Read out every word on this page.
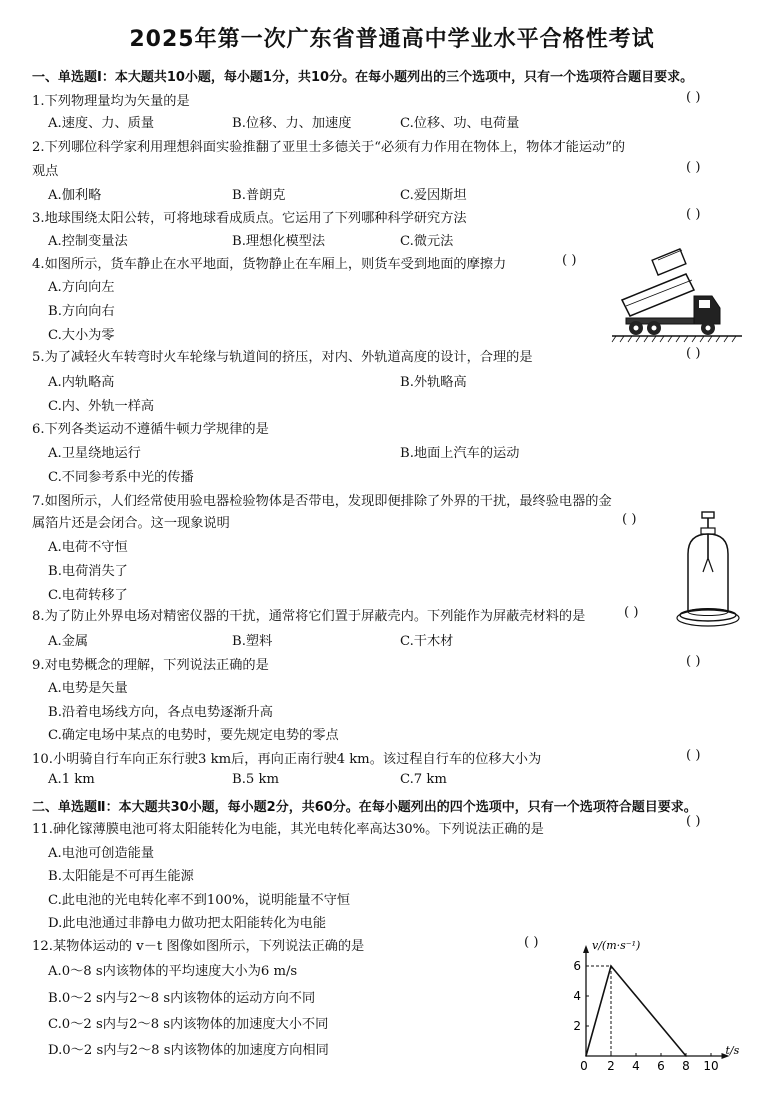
2025年第一次广东省普通高中学业水平合格性考试
一、单选题Ⅰ：本大题共10小题，每小题1分，共10分。在每小题列出的三个选项中，只有一个选项符合题目要求。
1.下列物理量均为矢量的是	( )
A.速度、力、质量	B.位移、力、加速度	C.位移、功、电荷量
2.下列哪位科学家利用理想斜面实验推翻了亚里士多德关于“必须有力作用在物体上，物体才能运动”的
观点	( )
A.伽利略	B.普朗克	C.爱因斯坦
3.地球围绕太阳公转，可将地球看成质点。它运用了下列哪种科学研究方法	( )
A.控制变量法	B.理想化模型法	C.微元法
4.如图所示，货车静止在水平地面，货物静止在车厢上，则货车受到地面的摩擦力	( )
A.方向向左
B.方向向右
C.大小为零
5.为了减轻火车转弯时火车轮缘与轨道间的挤压，对内、外轨道高度的设计，合理的是	( )
A.内轨略高	B.外轨略高
C.内、外轨一样高
6.下列各类运动不遵循牛顿力学规律的是
A.卫星绕地运行	B.地面上汽车的运动
C.不同参考系中光的传播
7.如图所示，人们经常使用验电器检验物体是否带电，发现即便排除了外界的干扰，最终验电器的金
属箔片还是会闭合。这一现象说明	( )
A.电荷不守恒
B.电荷消失了
C.电荷转移了
8.为了防止外界电场对精密仪器的干扰，通常将它们置于屏蔽壳内。下列能作为屏蔽壳材料的是	( )
A.金属	B.塑料	C.干木材
9.对电势概念的理解，下列说法正确的是	( )
A.电势是矢量
B.沿着电场线方向，各点电势逐渐升高
C.确定电场中某点的电势时，要先规定电势的零点
10.小明骑自行车向正东行驶3 km后，再向正南行驶4 km。该过程自行车的位移大小为	( )
A.1 km	B.5 km	C.7 km
二、单选题Ⅱ：本大题共30小题，每小题2分，共60分。在每小题列出的四个选项中，只有一个选项符合题目要求。
11.砷化镓薄膜电池可将太阳能转化为电能，其光电转化率高达30%。下列说法正确的是
( )
A.电池可创造能量
B.太阳能是不可再生能源
C.此电池的光电转化率不到100%，说明能量不守恒
D.此电池通过非静电力做功把太阳能转化为电能
12.某物体运动的 v－t 图像如图所示，下列说法正确的是	( )
A.0～8 s内该物体的平均速度大小为6 m/s
B.0～2 s内与2～8 s内该物体的运动方向不同
C.0～2 s内与2～8 s内该物体的加速度大小不同
D.0～2 s内与2～8 s内该物体的加速度方向相同
0 2 4 6 8 10
2
4
6
v/(m·s⁻¹)
t/s
